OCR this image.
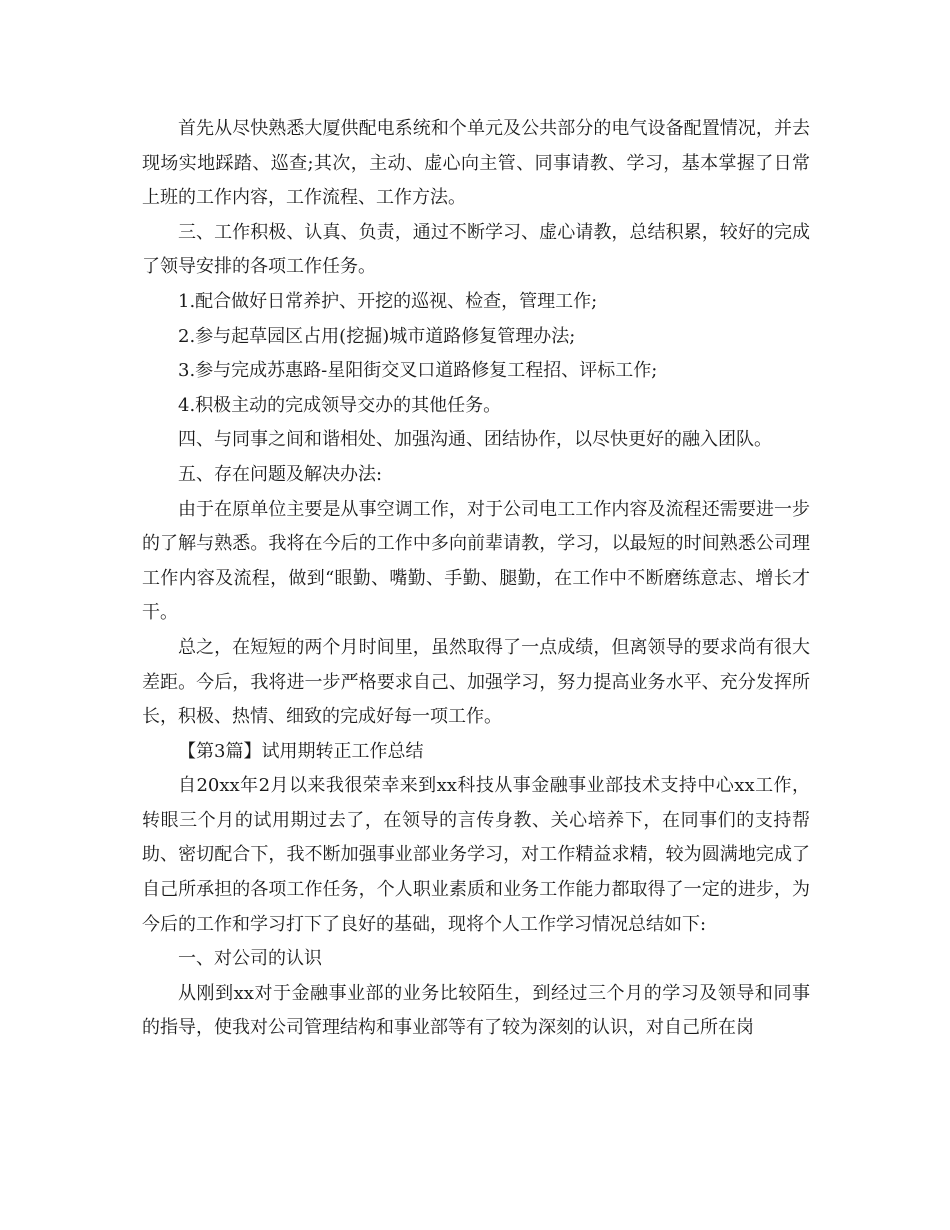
首先从尽快熟悉大厦供配电系统和个单元及公共部分的电气设备配置情况，并去现场实地踩踏、巡查;其次，主动、虚心向主管、同事请教、学习，基本掌握了日常上班的工作内容，工作流程、工作方法。

三、工作积极、认真、负责，通过不断学习、虚心请教，总结积累，较好的完成了领导安排的各项工作任务。

1.配合做好日常养护、开挖的巡视、检查，管理工作;

2.参与起草园区占用(挖掘)城市道路修复管理办法;

3.参与完成苏惠路-星阳街交叉口道路修复工程招、评标工作;

4.积极主动的完成领导交办的其他任务。

四、与同事之间和谐相处、加强沟通、团结协作，以尽快更好的融入团队。

五、存在问题及解决办法:

由于在原单位主要是从事空调工作，对于公司电工工作内容及流程还需要进一步的了解与熟悉。我将在今后的工作中多向前辈请教，学习，以最短的时间熟悉公司理工作内容及流程，做到“眼勤、嘴勤、手勤、腿勤，在工作中不断磨练意志、增长才干。

总之，在短短的两个月时间里，虽然取得了一点成绩，但离领导的要求尚有很大差距。今后，我将进一步严格要求自己、加强学习，努力提高业务水平、充分发挥所长，积极、热情、细致的完成好每一项工作。

【第3篇】试用期转正工作总结

自20xx年2月以来我很荣幸来到xx科技从事金融事业部技术支持中心xx工作，转眼三个月的试用期过去了，在领导的言传身教、关心培养下，在同事们的支持帮助、密切配合下，我不断加强事业部业务学习，对工作精益求精，较为圆满地完成了自己所承担的各项工作任务，个人职业素质和业务工作能力都取得了一定的进步，为今后的工作和学习打下了良好的基础，现将个人工作学习情况总结如下:

一、对公司的认识

从刚到xx对于金融事业部的业务比较陌生，到经过三个月的学习及领导和同事的指导，使我对公司管理结构和事业部等有了较为深刻的认识，对自己所在岗
